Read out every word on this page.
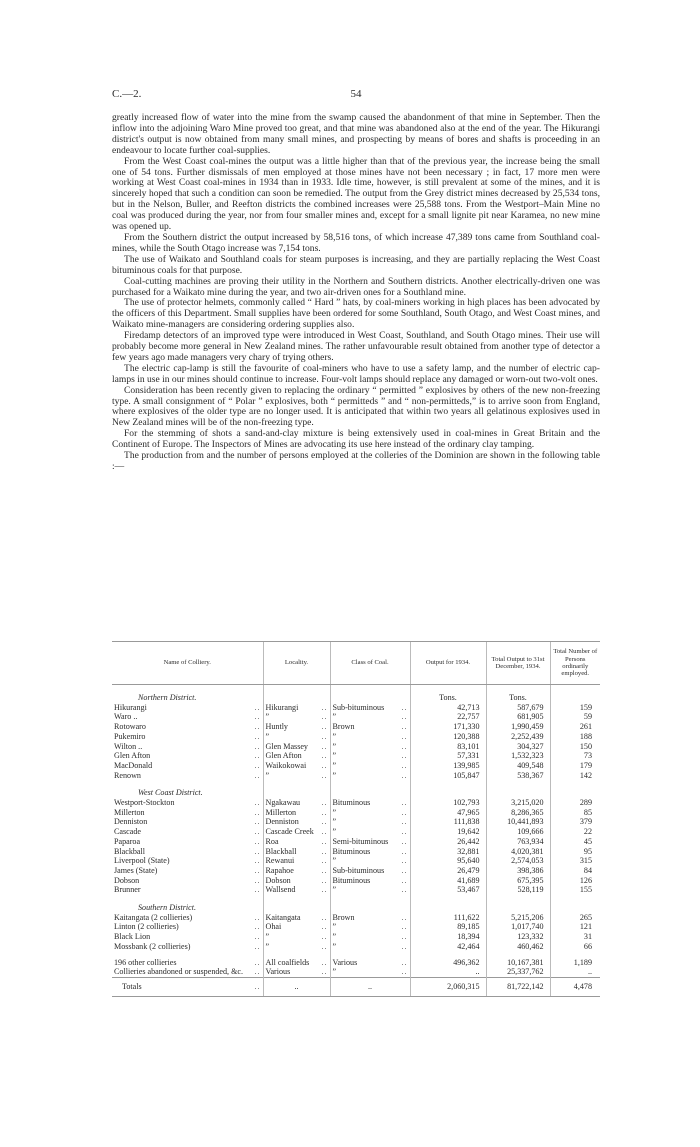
C.—2.	54

greatly increased flow of water into the mine from the swamp caused the abandonment of that mine in September. Then the inflow into the adjoining Waro Mine proved too great, and that mine was abandoned also at the end of the year. The Hikurangi district's output is now obtained from many small mines, and prospecting by means of bores and shafts is proceeding in an endeavour to locate further coal-supplies.

From the West Coast coal-mines the output was a little higher than that of the previous year, the increase being the small one of 54 tons. Further dismissals of men employed at those mines have not been necessary ; in fact, 17 more men were working at West Coast coal-mines in 1934 than in 1933. Idle time, however, is still prevalent at some of the mines, and it is sincerely hoped that such a condition can soon be remedied. The output from the Grey district mines decreased by 25,534 tons, but in the Nelson, Buller, and Reefton districts the combined increases were 25,588 tons. From the Westport–Main Mine no coal was produced during the year, nor from four smaller mines and, except for a small lignite pit near Karamea, no new mine was opened up.

From the Southern district the output increased by 58,516 tons, of which increase 47,389 tons came from Southland coal-mines, while the South Otago increase was 7,154 tons.

The use of Waikato and Southland coals for steam purposes is increasing, and they are partially replacing the West Coast bituminous coals for that purpose.

Coal-cutting machines are proving their utility in the Northern and Southern districts. Another electrically-driven one was purchased for a Waikato mine during the year, and two air-driven ones for a Southland mine.

The use of protector helmets, commonly called “ Hard ” hats, by coal-miners working in high places has been advocated by the officers of this Department. Small supplies have been ordered for some Southland, South Otago, and West Coast mines, and Waikato mine-managers are considering ordering supplies also.

Firedamp detectors of an improved type were introduced in West Coast, Southland, and South Otago mines. Their use will probably become more general in New Zealand mines. The rather unfavourable result obtained from another type of detector a few years ago made managers very chary of trying others.

The electric cap-lamp is still the favourite of coal-miners who have to use a safety lamp, and the number of electric cap-lamps in use in our mines should continue to increase. Four-volt lamps should replace any damaged or worn-out two-volt ones.

Consideration has been recently given to replacing the ordinary “ permitted ” explosives by others of the new non-freezing type. A small consignment of “ Polar ” explosives, both “ permitteds ” and “ non-permitteds,” is to arrive soon from England, where explosives of the older type are no longer used. It is anticipated that within two years all gelatinous explosives used in New Zealand mines will be of the non-freezing type.

For the stemming of shots a sand-and-clay mixture is being extensively used in coal-mines in Great Britain and the Continent of Europe. The Inspectors of Mines are advocating its use here instead of the ordinary clay tamping.

The production from and the number of persons employed at the colleries of the Dominion are shown in the following table :—

Name of Colliery.	Locality.	Class of Coal.	Output for 1934.	Total Output to 31st December, 1934.	Total Number of Persons ordinarily employed.
Northern District.			Tons.	Tons.	
Hikurangi ..	Hikurangi ..	Sub-bituminous ..	42,713	587,679	159
Waro .. ..	” ..	” ..	22,757	681,905	59
Rotowaro ..	Huntly ..	Brown ..	171,330	1,990,459	261
Pukemiro ..	” ..	” ..	120,388	2,252,439	188
Wilton .. ..	Glen Massey ..	” ..	83,101	304,327	150
Glen Afton ..	Glen Afton ..	” ..	57,331	1,532,323	73
MacDonald ..	Waikokowai ..	” ..	139,985	409,548	179
Renown ..	” ..	” ..	105,847	538,367	142
West Coast District.					
Westport-Stockton ..	Ngakawau ..	Bituminous ..	102,793	3,215,020	289
Millerton ..	Millerton ..	” ..	47,965	8,286,365	85
Denniston ..	Denniston ..	” ..	111,838	10,441,893	379
Cascade ..	Cascade Creek ..	” ..	19,642	109,666	22
Paparoa ..	Roa ..	Semi-bituminous ..	26,442	763,934	45
Blackball ..	Blackball ..	Bituminous ..	32,881	4,020,381	95
Liverpool (State) ..	Rewanui ..	” ..	95,640	2,574,053	315
James (State) ..	Rapahoe ..	Sub-bituminous ..	26,479	398,386	84
Dobson ..	Dobson ..	Bituminous ..	41,689	675,395	126
Brunner ..	Wallsend ..	” ..	53,467	528,119	155
Southern District.					
Kaitangata (2 collieries) ..	Kaitangata ..	Brown ..	111,622	5,215,206	265
Linton (2 collieries) ..	Ohai ..	” ..	89,185	1,017,740	121
Black Lion ..	” ..	” ..	18,394	123,332	31
Mossbank (2 collieries) ..	” ..	” ..	42,464	460,462	66
196 other collieries ..	All coalfields ..	Various ..	496,362	10,167,381	1,189
Collieries abandoned or suspended, &c. ..	Various ..	” ..	..	25,337,762	..
Totals ..	..	..	2,060,315	81,722,142	4,478
